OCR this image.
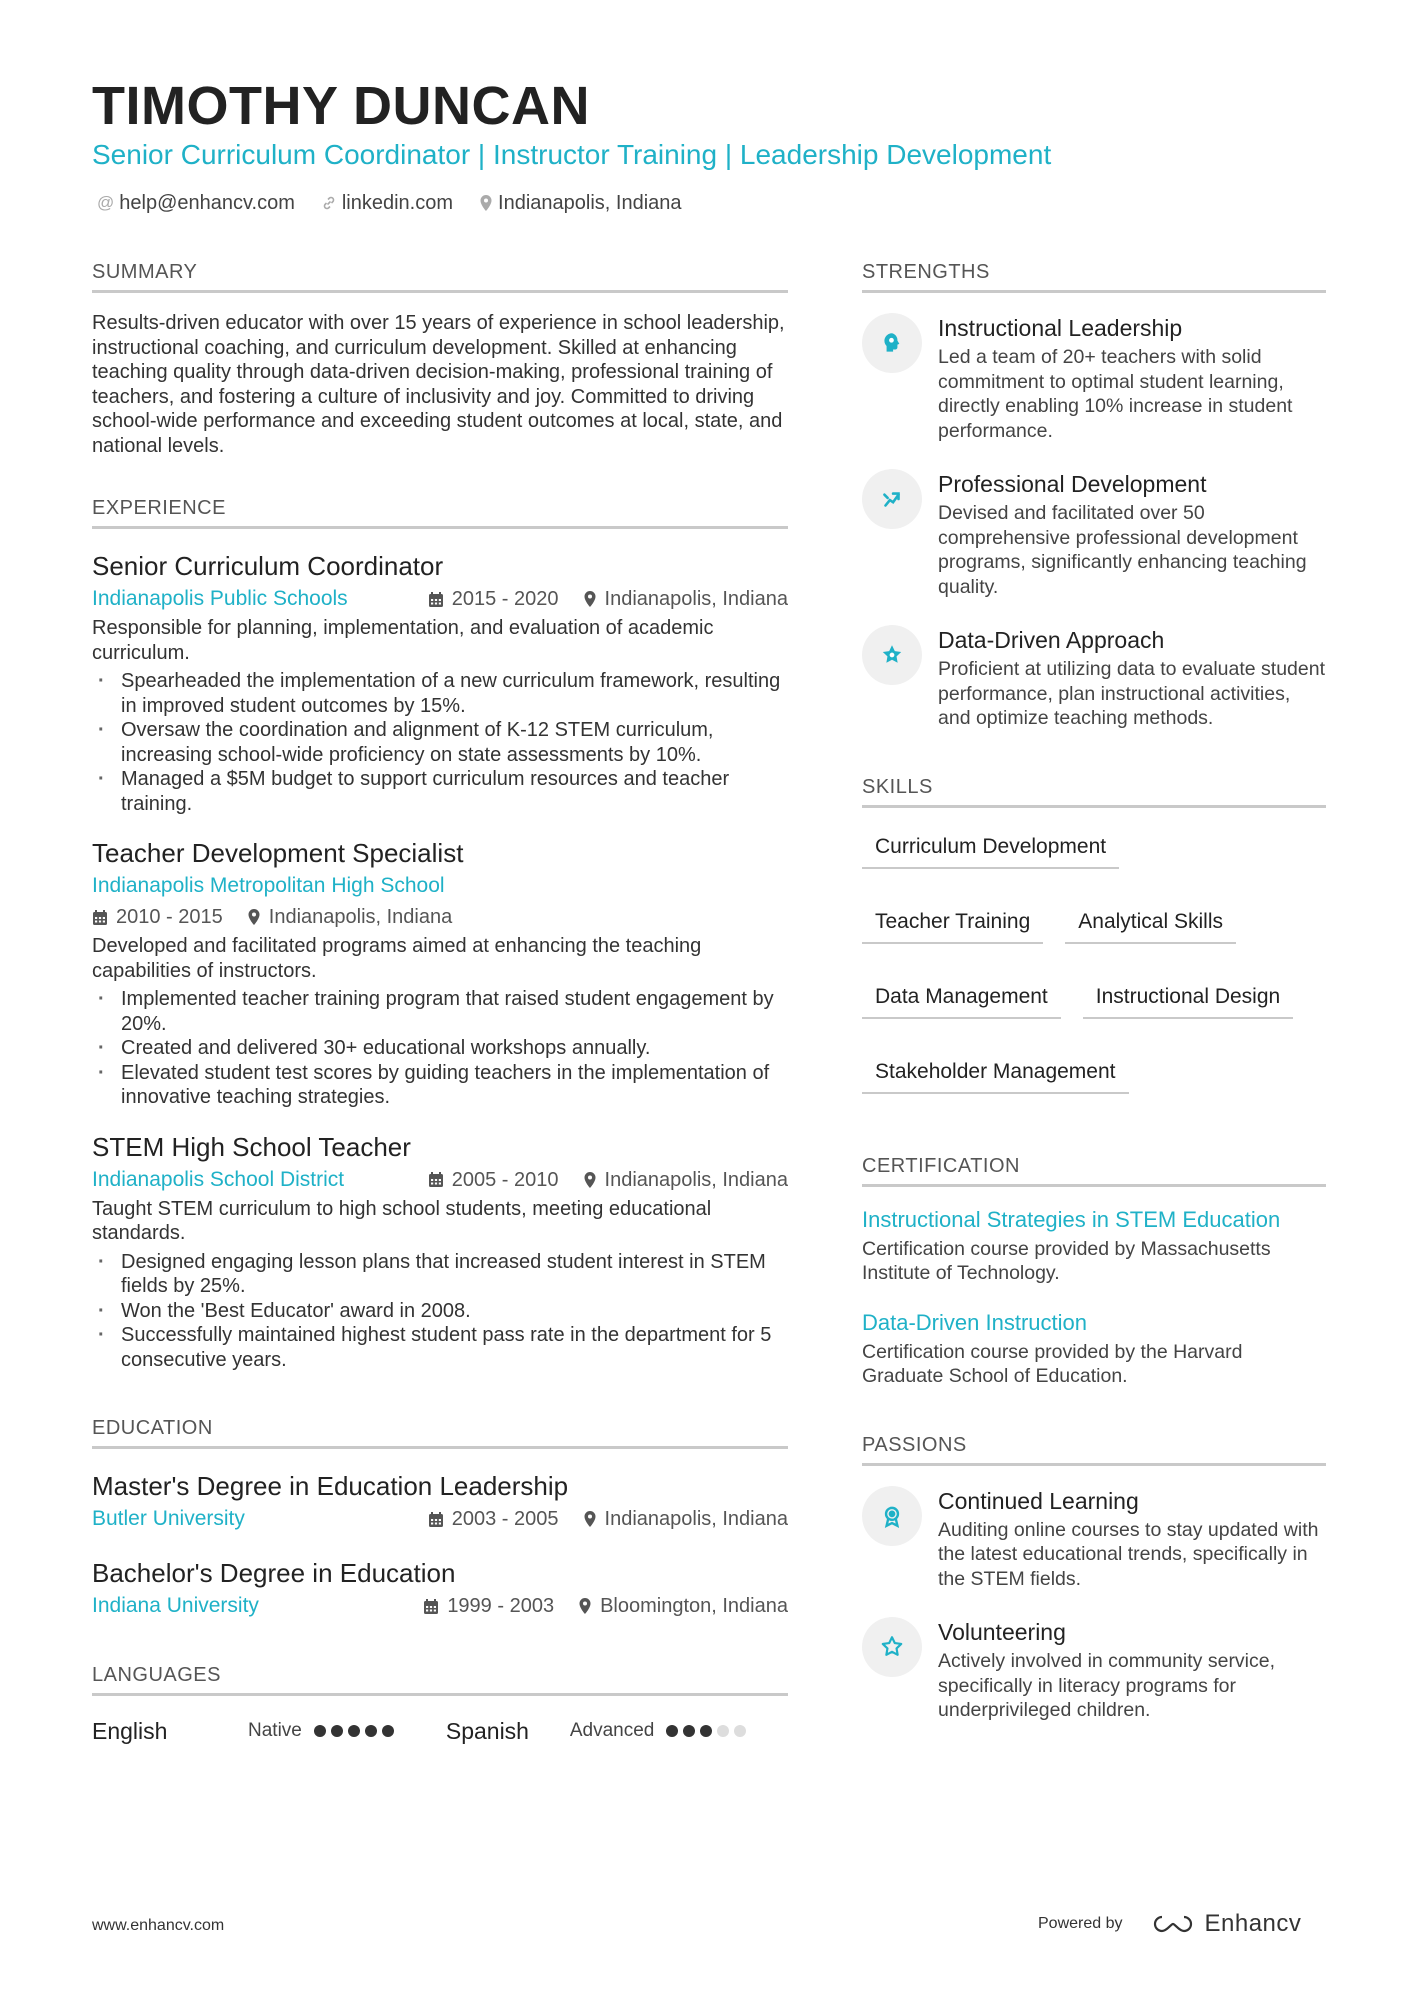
TIMOTHY DUNCAN
Senior Curriculum Coordinator | Instructor Training | Leadership Development
@ help@enhancv.com linkedin.com Indianapolis, Indiana
SUMMARY
Results-driven educator with over 15 years of experience in school leadership, instructional coaching, and curriculum development. Skilled at enhancing teaching quality through data-driven decision-making, professional training of teachers, and fostering a culture of inclusivity and joy. Committed to driving school-wide performance and exceeding student outcomes at local, state, and national levels.
EXPERIENCE
Senior Curriculum Coordinator
Indianapolis Public Schools	2015 - 2020 Indianapolis, Indiana
Responsible for planning, implementation, and evaluation of academic curriculum.
· Spearheaded the implementation of a new curriculum framework, resulting in improved student outcomes by 15%.
· Oversaw the coordination and alignment of K-12 STEM curriculum, increasing school-wide proficiency on state assessments by 10%.
· Managed a $5M budget to support curriculum resources and teacher training.
Teacher Development Specialist
Indianapolis Metropolitan High School
2010 - 2015 Indianapolis, Indiana
Developed and facilitated programs aimed at enhancing the teaching capabilities of instructors.
· Implemented teacher training program that raised student engagement by 20%.
· Created and delivered 30+ educational workshops annually.
· Elevated student test scores by guiding teachers in the implementation of innovative teaching strategies.
STEM High School Teacher
Indianapolis School District	2005 - 2010 Indianapolis, Indiana
Taught STEM curriculum to high school students, meeting educational standards.
· Designed engaging lesson plans that increased student interest in STEM fields by 25%.
· Won the 'Best Educator' award in 2008.
· Successfully maintained highest student pass rate in the department for 5 consecutive years.
EDUCATION
Master's Degree in Education Leadership
Butler University	2003 - 2005 Indianapolis, Indiana
Bachelor's Degree in Education
Indiana University	1999 - 2003 Bloomington, Indiana
LANGUAGES
English	Native	Spanish	Advanced
STRENGTHS
Instructional Leadership
Led a team of 20+ teachers with solid commitment to optimal student learning, directly enabling 10% increase in student performance.
Professional Development
Devised and facilitated over 50 comprehensive professional development programs, significantly enhancing teaching quality.
Data-Driven Approach
Proficient at utilizing data to evaluate student performance, plan instructional activities, and optimize teaching methods.
SKILLS
Curriculum Development
Teacher Training	Analytical Skills
Data Management	Instructional Design
Stakeholder Management
CERTIFICATION
Instructional Strategies in STEM Education
Certification course provided by Massachusetts Institute of Technology.
Data-Driven Instruction
Certification course provided by the Harvard Graduate School of Education.
PASSIONS
Continued Learning
Auditing online courses to stay updated with the latest educational trends, specifically in the STEM fields.
Volunteering
Actively involved in community service, specifically in literacy programs for underprivileged children.
www.enhancv.com	Powered by	Enhancv
